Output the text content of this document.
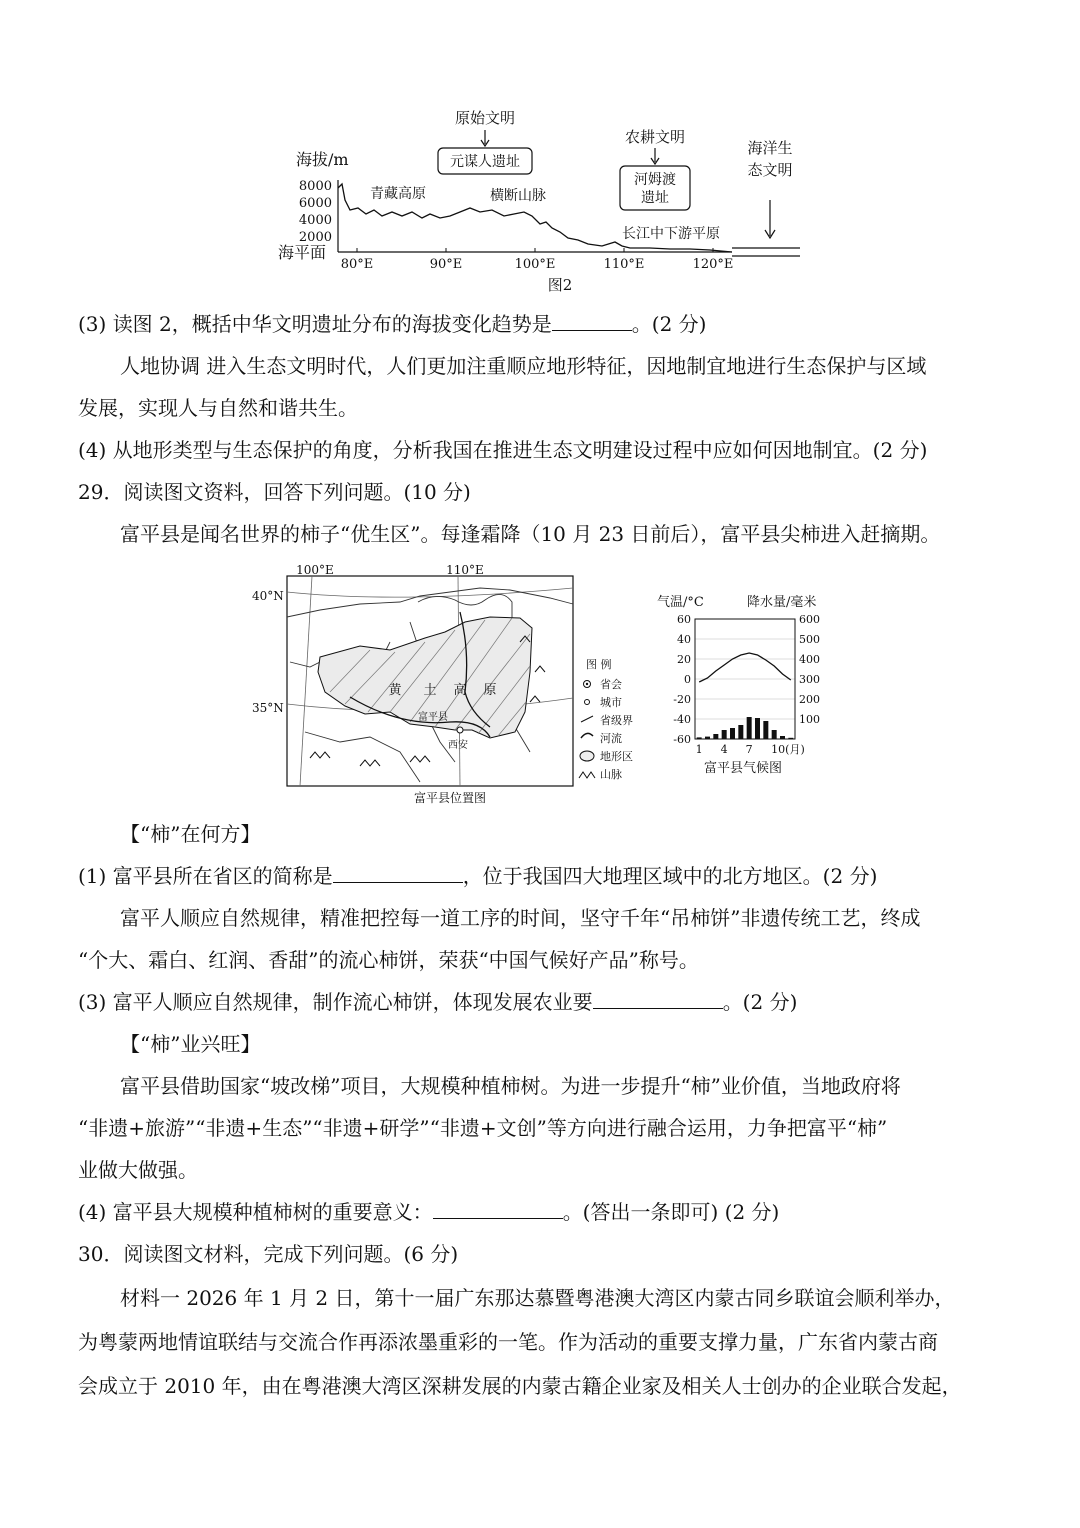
海拔/m
8000
6000
4000
2000
海平面
80°E	90°E	100°E	110°E	120°E
青藏高原	横断山脉
长江中下游平原
原始文明
元谋人遗址
农耕文明
河姆渡
遗址
海洋生
态文明
图2
(3) 读图 2，概括中华文明遗址分布的海拔变化趋势是	。(2 分)
人地协调 进入生态文明时代，人们更加注重顺应地形特征，因地制宜地进行生态保护与区域
发展，实现人与自然和谐共生。
(4) 从地形类型与生态保护的角度，分析我国在推进生态文明建设过程中应如何因地制宜。(2 分)
29．阅读图文资料，回答下列问题。(10 分)
富平县是闻名世界的柿子“优生区”。每逢霜降（10 月 23 日前后），富平县尖柿进入赶摘期。
100°E	110°E
40°N
35°N
黄 土 高 原
富平县
西安
富平县位置图
图 例
省会
城市
省级界
河流
地形区
山脉
气温/°C	降水量/毫米
60
40
20
0
-20
-40
-60
600
500
400
300
200
100
1 4 7 10(月)
富平县气候图
【“柿”在何方】
(1) 富平县所在省区的简称是	，位于我国四大地理区域中的北方地区。(2 分)
富平人顺应自然规律，精准把控每一道工序的时间，坚守千年“吊柿饼”非遗传统工艺，终成
“个大、霜白、红润、香甜”的流心柿饼，荣获“中国气候好产品”称号。
(3) 富平人顺应自然规律，制作流心柿饼，体现发展农业要	。(2 分)
【“柿”业兴旺】
富平县借助国家“坡改梯”项目，大规模种植柿树。为进一步提升“柿”业价值，当地政府将
“非遗+旅游”“非遗+生态”“非遗+研学”“非遗+文创”等方向进行融合运用，力争把富平“柿”
业做大做强。
(4) 富平县大规模种植柿树的重要意义：	。(答出一条即可) (2 分)
30．阅读图文材料，完成下列问题。(6 分)
材料一 2026 年 1 月 2 日，第十一届广东那达慕暨粤港澳大湾区内蒙古同乡联谊会顺利举办，
为粤蒙两地情谊联结与交流合作再添浓墨重彩的一笔。作为活动的重要支撑力量，广东省内蒙古商
会成立于 2010 年，由在粤港澳大湾区深耕发展的内蒙古籍企业家及相关人士创办的企业联合发起，
